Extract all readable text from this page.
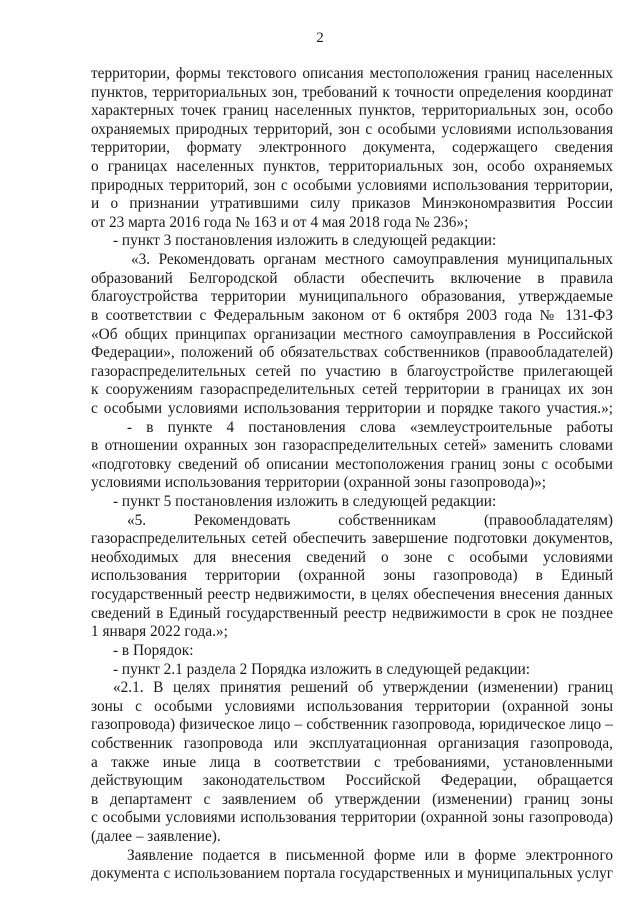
2
территории, формы текстового описания местоположения границ населенных
пунктов, территориальных зон, требований к точности определения координат
характерных точек границ населенных пунктов, территориальных зон, особо
охраняемых природных территорий, зон с особыми условиями использования
территории, формату электронного документа, содержащего сведения
о границах населенных пунктов, территориальных зон, особо охраняемых
природных территорий, зон с особыми условиями использования территории,
и о признании утратившими силу приказов Минэкономразвития России
от 23 марта 2016 года № 163 и от 4 мая 2018 года № 236»;
- пункт 3 постановления изложить в следующей редакции:
«3. Рекомендовать органам местного самоуправления муниципальных
образований Белгородской области обеспечить включение в правила
благоустройства территории муниципального образования, утверждаемые
в соответствии с Федеральным законом от 6 октября 2003 года № 131-ФЗ
«Об общих принципах организации местного самоуправления в Российской
Федерации», положений об обязательствах собственников (правообладателей)
газораспределительных сетей по участию в благоустройстве прилегающей
к сооружениям газораспределительных сетей территории в границах их зон
с особыми условиями использования территории и порядке такого участия.»;
- в пункте 4 постановления слова «землеустроительные работы
в отношении охранных зон газораспределительных сетей» заменить словами
«подготовку сведений об описании местоположения границ зоны с особыми
условиями использования территории (охранной зоны газопровода)»;
- пункт 5 постановления изложить в следующей редакции:
«5. Рекомендовать собственникам (правообладателям)
газораспределительных сетей обеспечить завершение подготовки документов,
необходимых для внесения сведений о зоне с особыми условиями
использования территории (охранной зоны газопровода) в Единый
государственный реестр недвижимости, в целях обеспечения внесения данных
сведений в Единый государственный реестр недвижимости в срок не позднее
1 января 2022 года.»;
- в Порядок:
- пункт 2.1 раздела 2 Порядка изложить в следующей редакции:
«2.1. В целях принятия решений об утверждении (изменении) границ
зоны с особыми условиями использования территории (охранной зоны
газопровода) физическое лицо – собственник газопровода, юридическое лицо –
собственник газопровода или эксплуатационная организация газопровода,
а также иные лица в соответствии с требованиями, установленными
действующим законодательством Российской Федерации, обращается
в департамент с заявлением об утверждении (изменении) границ зоны
с особыми условиями использования территории (охранной зоны газопровода)
(далее – заявление).
Заявление подается в письменной форме или в форме электронного
документа с использованием портала государственных и муниципальных услуг
